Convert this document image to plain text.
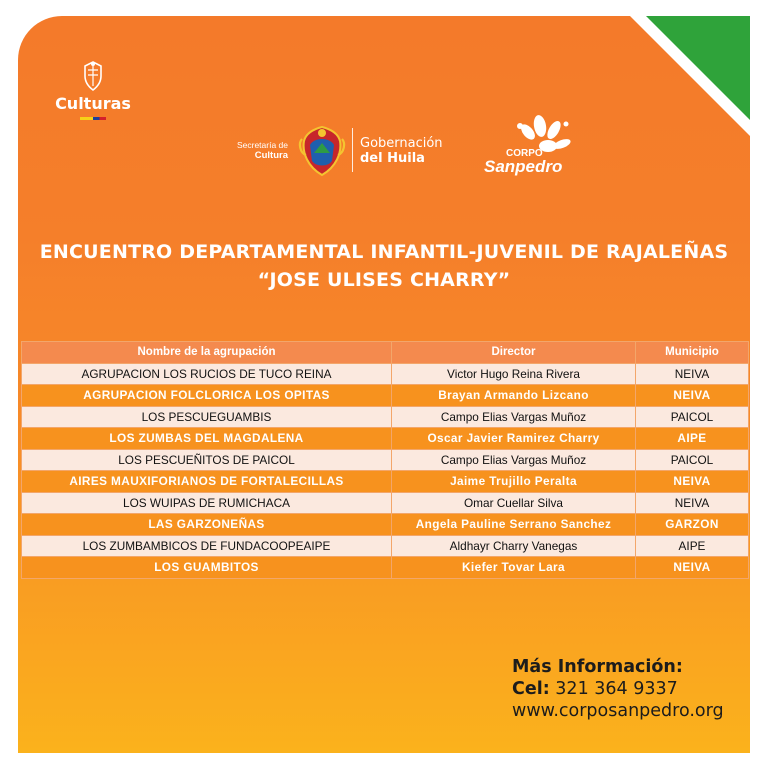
Culturas
Secretaría de
Cultura
Gobernación
del Huila	CORPO
Sanpedro
ENCUENTRO DEPARTAMENTAL INFANTIL-JUVENIL DE RAJALEÑAS
“JOSE ULISES CHARRY”
Nombre de la agrupación	Director	Municipio
AGRUPACION LOS RUCIOS DE TUCO REINA	Victor Hugo Reina Rivera	NEIVA
AGRUPACION FOLCLORICA LOS OPITAS	Brayan Armando Lizcano	NEIVA
LOS PESCUEGUAMBIS	Campo Elias Vargas Muñoz	PAICOL
LOS ZUMBAS DEL MAGDALENA	Oscar Javier Ramirez Charry	AIPE
LOS PESCUEÑITOS DE PAICOL	Campo Elias Vargas Muñoz	PAICOL
AIRES MAUXIFORIANOS DE FORTALECILLAS	Jaime Trujillo Peralta	NEIVA
LOS WUIPAS DE RUMICHACA	Omar Cuellar Silva	NEIVA
LAS GARZONEÑAS	Angela Pauline Serrano Sanchez	GARZON
LOS ZUMBAMBICOS DE FUNDACOOPEAIPE	Aldhayr Charry Vanegas	AIPE
LOS GUAMBITOS	Kiefer Tovar Lara	NEIVA
Más Información:
Cel: 321 364 9337
www.corposanpedro.org
